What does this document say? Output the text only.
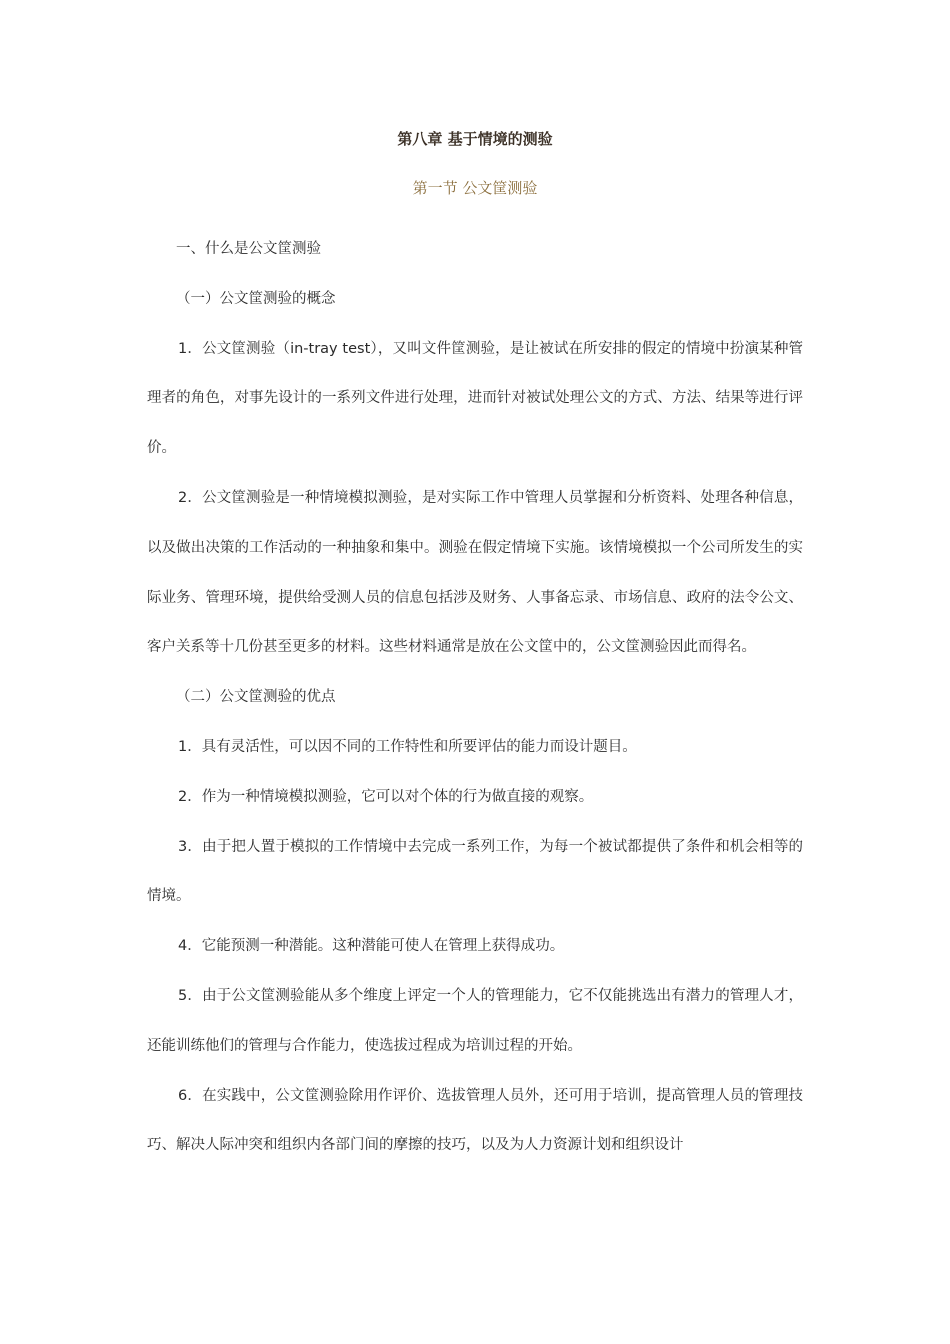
第八章 基于情境的测验
第一节 公文筐测验

一、什么是公文筐测验

（一）公文筐测验的概念

1．公文筐测验（in-tray test），又叫文件筐测验，是让被试在所安排的假定的情境中扮演某种管理者的角色，对事先设计的一系列文件进行处理，进而针对被试处理公文的方式、方法、结果等进行评价。

2．公文筐测验是一种情境模拟测验，是对实际工作中管理人员掌握和分析资料、处理各种信息，以及做出决策的工作活动的一种抽象和集中。测验在假定情境下实施。该情境模拟一个公司所发生的实际业务、管理环境，提供给受测人员的信息包括涉及财务、人事备忘录、市场信息、政府的法令公文、客户关系等十几份甚至更多的材料。这些材料通常是放在公文筐中的，公文筐测验因此而得名。

（二）公文筐测验的优点

1．具有灵活性，可以因不同的工作特性和所要评估的能力而设计题目。

2．作为一种情境模拟测验，它可以对个体的行为做直接的观察。

3．由于把人置于模拟的工作情境中去完成一系列工作，为每一个被试都提供了条件和机会相等的情境。

4．它能预测一种潜能。这种潜能可使人在管理上获得成功。

5．由于公文筐测验能从多个维度上评定一个人的管理能力，它不仅能挑选出有潜力的管理人才，还能训练他们的管理与合作能力，使选拔过程成为培训过程的开始。

6．在实践中，公文筐测验除用作评价、选拔管理人员外，还可用于培训，提高管理人员的管理技巧、解决人际冲突和组织内各部门间的摩擦的技巧，以及为人力资源计划和组织设计
